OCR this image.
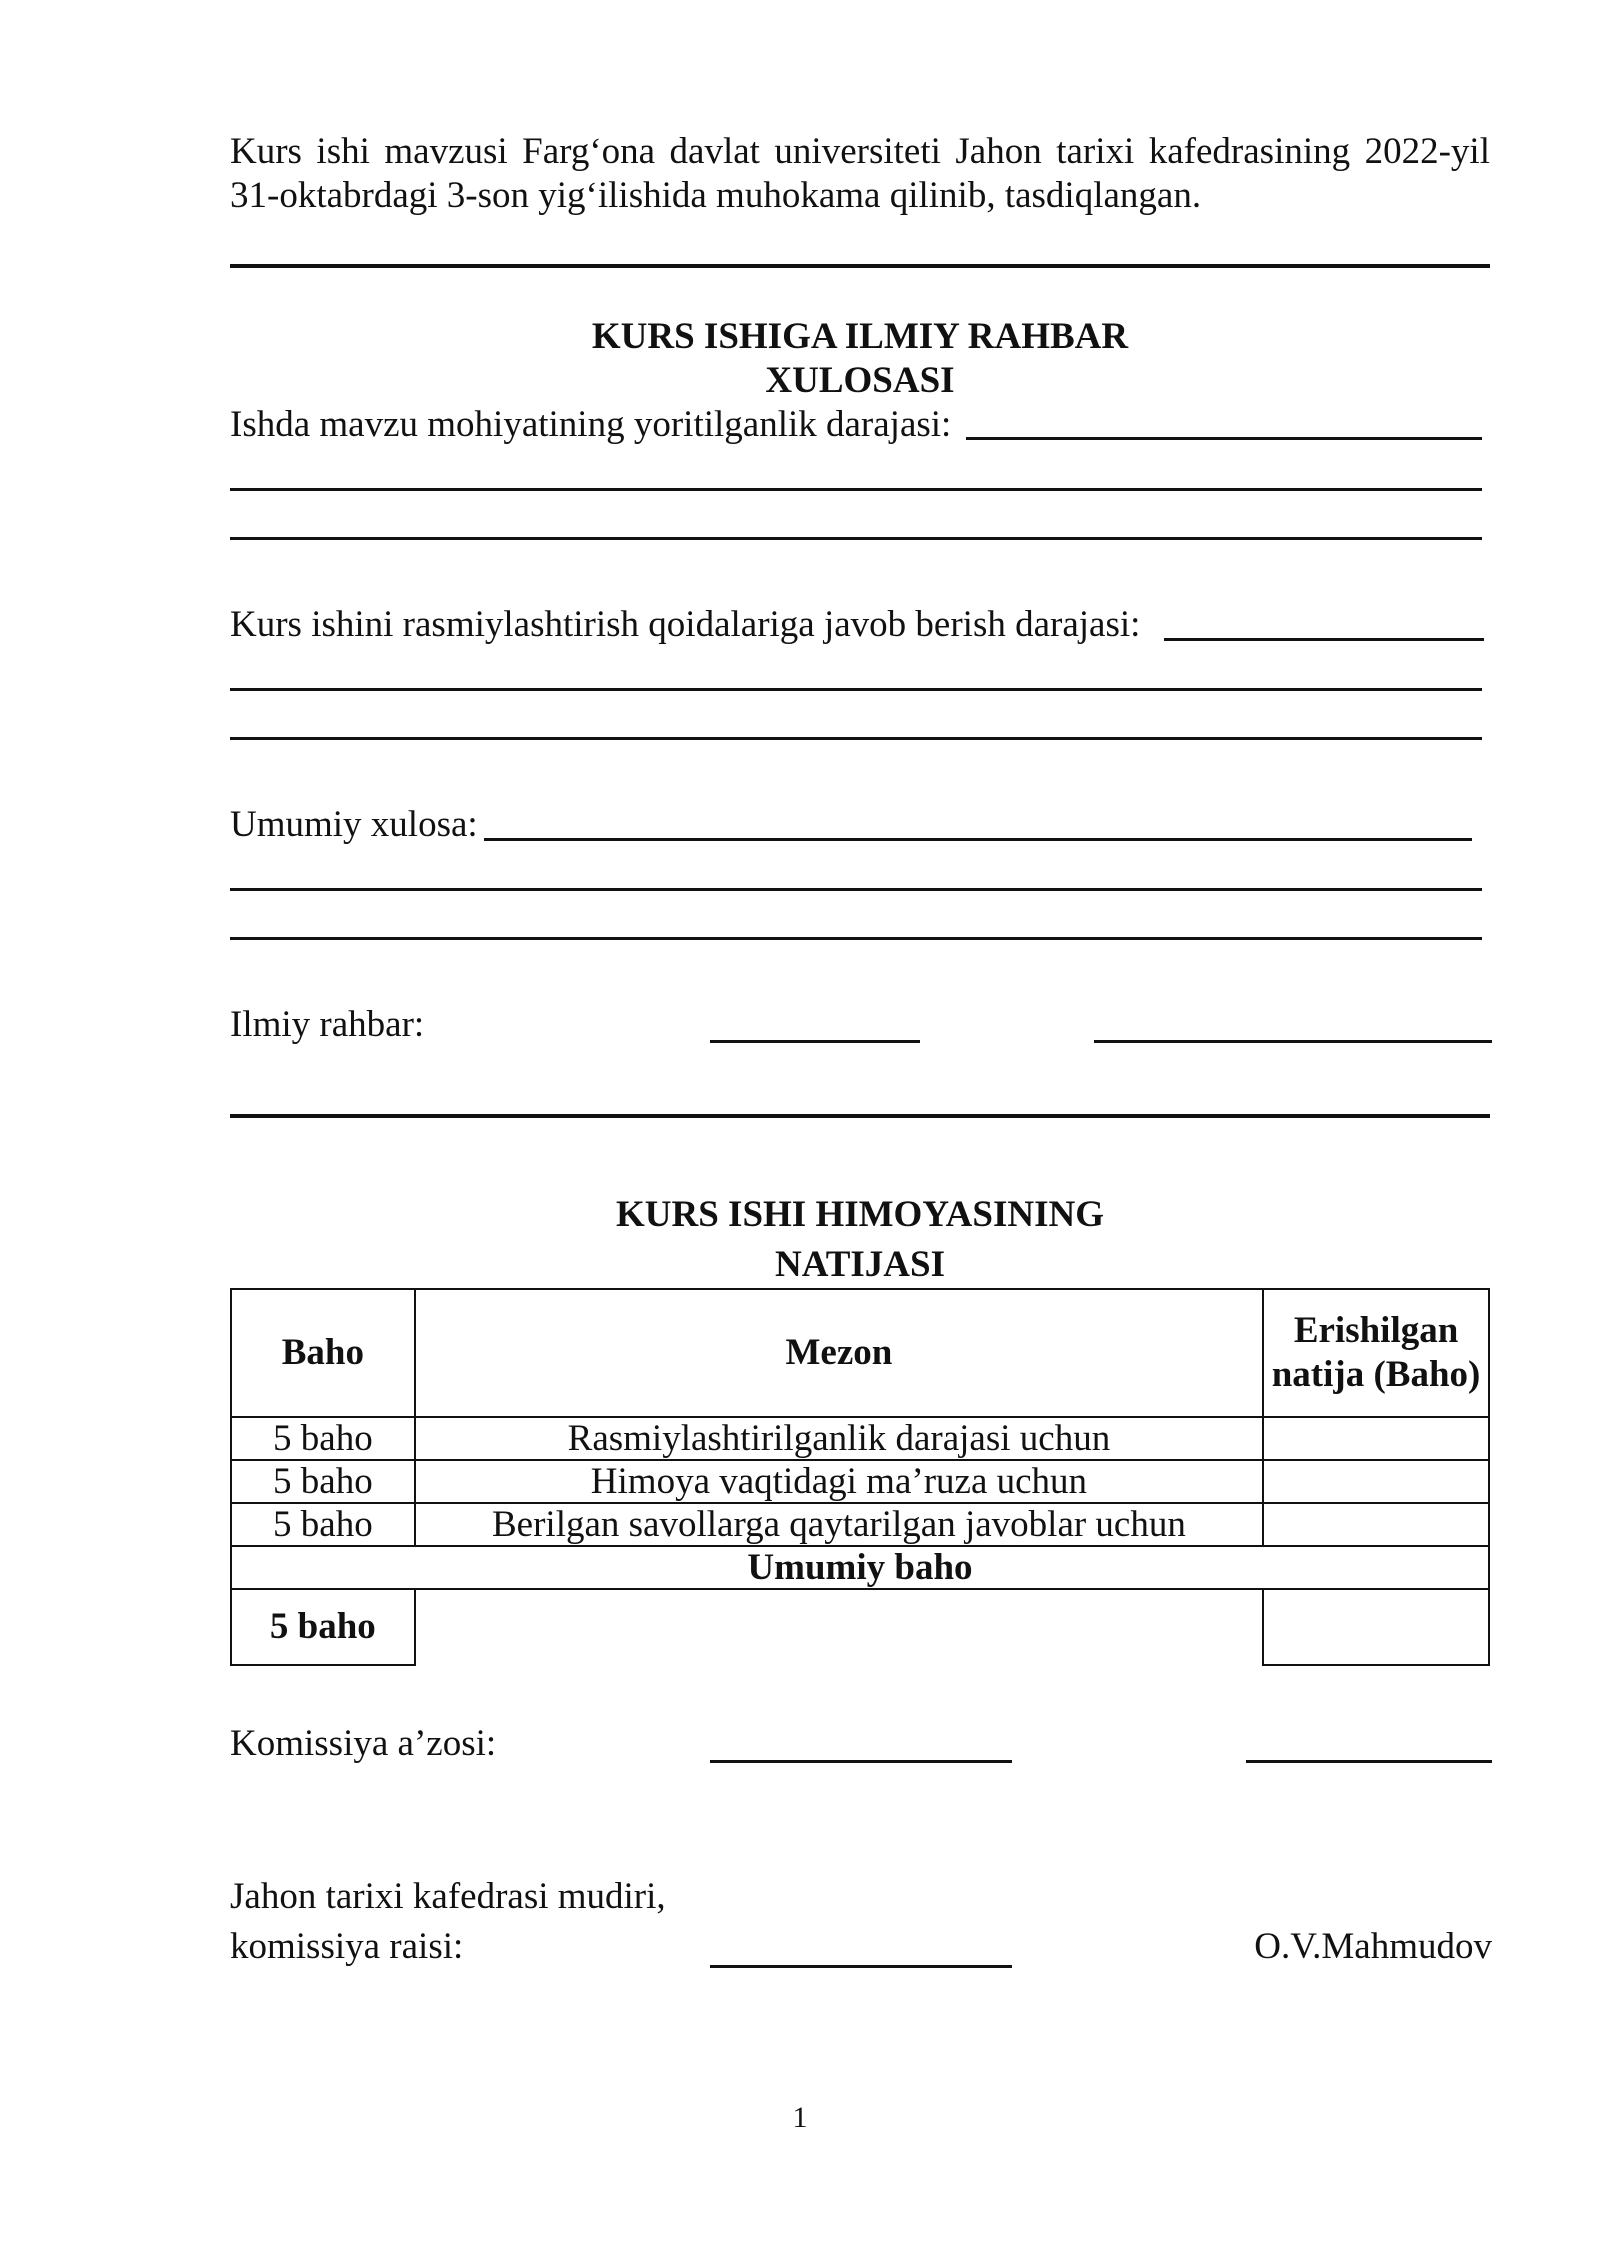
Kurs ishi mavzusi Farg‘ona davlat universiteti Jahon tarixi kafedrasining 2022-yil 31-oktabrdagi 3-son yig‘ilishida muhokama qilinib, tasdiqlangan.

KURS ISHIGA ILMIY RAHBAR
XULOSASI
Ishda mavzu mohiyatining yoritilganlik darajasi:
Kurs ishini rasmiylashtirish qoidalariga javob berish darajasi:
Umumiy xulosa:
Ilmiy rahbar:
KURS ISHI HIMOYASINING
NATIJASI
Baho	Mezon	Erishilgan natija (Baho)
5 baho	Rasmiylashtirilganlik darajasi uchun	
5 baho	Himoya vaqtidagi ma’ruza uchun	
5 baho	Berilgan savollarga qaytarilgan javoblar uchun	
Umumiy baho		
5 baho		
Komissiya a’zosi:
Jahon tarixi kafedrasi mudiri,
komissiya raisi:	O.V.Mahmudov
1
